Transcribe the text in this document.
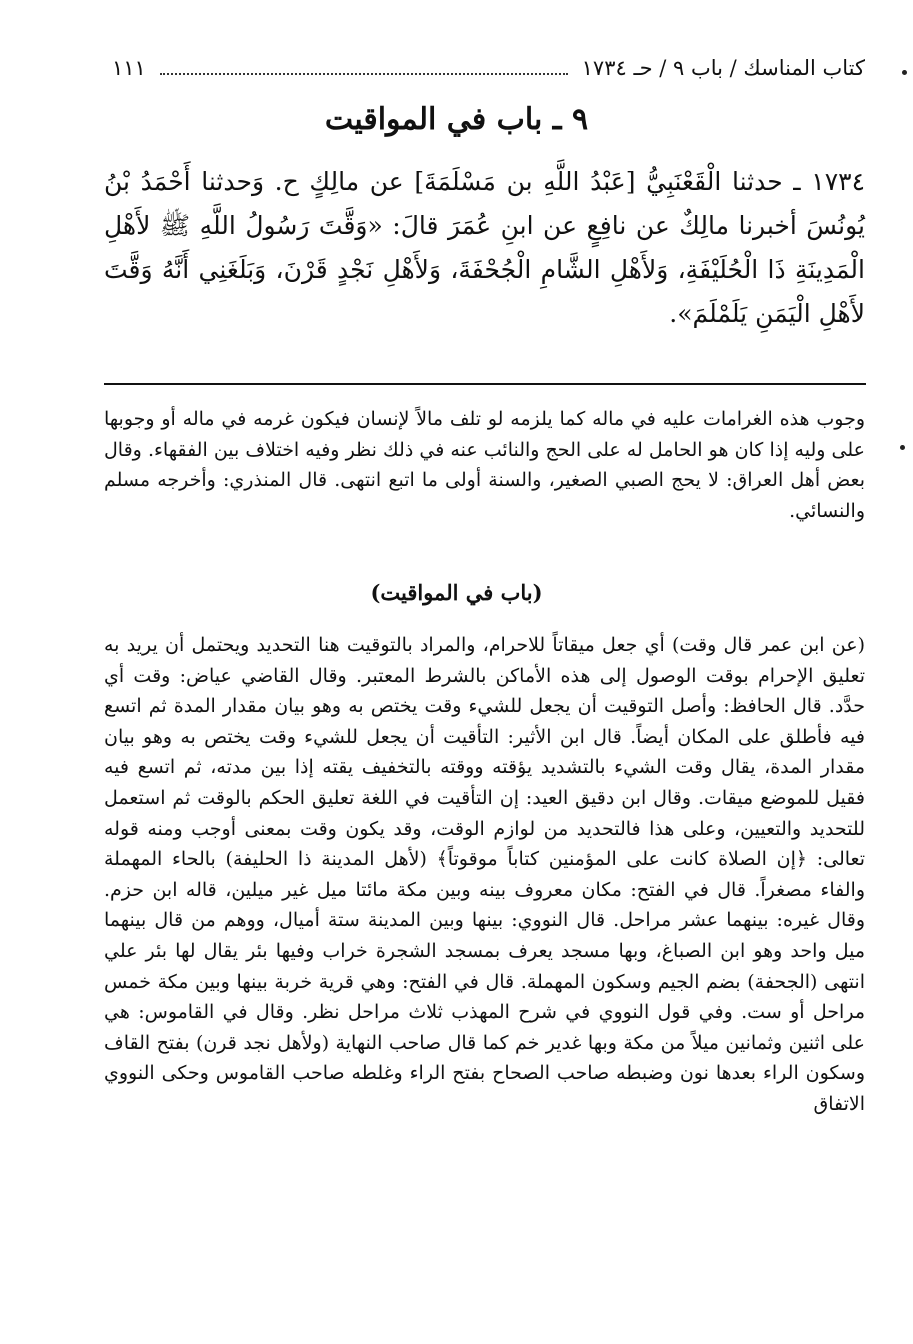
كتاب المناسك / باب ٩ / حـ ١٧٣٤
١١١
٩ ـ باب في المواقيت

١٧٣٤ ـ حدثنا الْقَعْنَبِيُّ [عَبْدُ اللَّهِ بن مَسْلَمَةَ] عن مالِكٍ ح. وَحدثنا أَحْمَدُ بْنُ يُونُسَ أخبرنا مالِكٌ عن نافِعٍ عن ابنِ عُمَرَ قالَ: «وَقَّتَ رَسُولُ اللَّهِ ﷺ لأَهْلِ الْمَدِينَةِ ذَا الْحُلَيْفَةِ، وَلأَهْلِ الشَّامِ الْجُحْفَةَ، وَلأَهْلِ نَجْدٍ قَرْنَ، وَبَلَغَنِي أَنَّهُ وَقَّتَ لأَهْلِ الْيَمَنِ يَلَمْلَمَ».

وجوب هذه الغرامات عليه في ماله كما يلزمه لو تلف مالاً لإنسان فيكون غرمه في ماله أو وجوبها على وليه إذا كان هو الحامل له على الحج والنائب عنه في ذلك نظر وفيه اختلاف بين الفقهاء. وقال بعض أهل العراق: لا يحج الصبي الصغير، والسنة أولى ما اتبع انتهى. قال المنذري: وأخرجه مسلم والنسائي.

(باب في المواقيت)

(عن ابن عمر قال وقت) أي جعل ميقاتاً للاحرام، والمراد بالتوقيت هنا التحديد ويحتمل أن يريد به تعليق الإحرام بوقت الوصول إلى هذه الأماكن بالشرط المعتبر. وقال القاضي عياض: وقت أي حدَّد. قال الحافظ: وأصل التوقيت أن يجعل للشيء وقت يختص به وهو بيان مقدار المدة ثم اتسع فيه فأطلق على المكان أيضاً. قال ابن الأثير: التأقيت أن يجعل للشيء وقت يختص به وهو بيان مقدار المدة، يقال وقت الشيء بالتشديد يؤقته ووقته بالتخفيف يقته إذا بين مدته، ثم اتسع فيه فقيل للموضع ميقات. وقال ابن دقيق العيد: إن التأقيت في اللغة تعليق الحكم بالوقت ثم استعمل للتحديد والتعيين، وعلى هذا فالتحديد من لوازم الوقت، وقد يكون وقت بمعنى أوجب ومنه قوله تعالى: ﴿إن الصلاة كانت على المؤمنين كتاباً موقوتاً﴾ (لأهل المدينة ذا الحليفة) بالحاء المهملة والفاء مصغراً. قال في الفتح: مكان معروف بينه وبين مكة مائتا ميل غير ميلين، قاله ابن حزم. وقال غيره: بينهما عشر مراحل. قال النووي: بينها وبين المدينة ستة أميال، ووهم من قال بينهما ميل واحد وهو ابن الصباغ، وبها مسجد يعرف بمسجد الشجرة خراب وفيها بئر يقال لها بئر علي انتهى (الجحفة) بضم الجيم وسكون المهملة. قال في الفتح: وهي قرية خربة بينها وبين مكة خمس مراحل أو ست. وفي قول النووي في شرح المهذب ثلاث مراحل نظر. وقال في القاموس: هي على اثنين وثمانين ميلاً من مكة وبها غدير خم كما قال صاحب النهاية (ولأهل نجد قرن) بفتح القاف وسكون الراء بعدها نون وضبطه صاحب الصحاح بفتح الراء وغلطه صاحب القاموس وحكى النووي الاتفاق
